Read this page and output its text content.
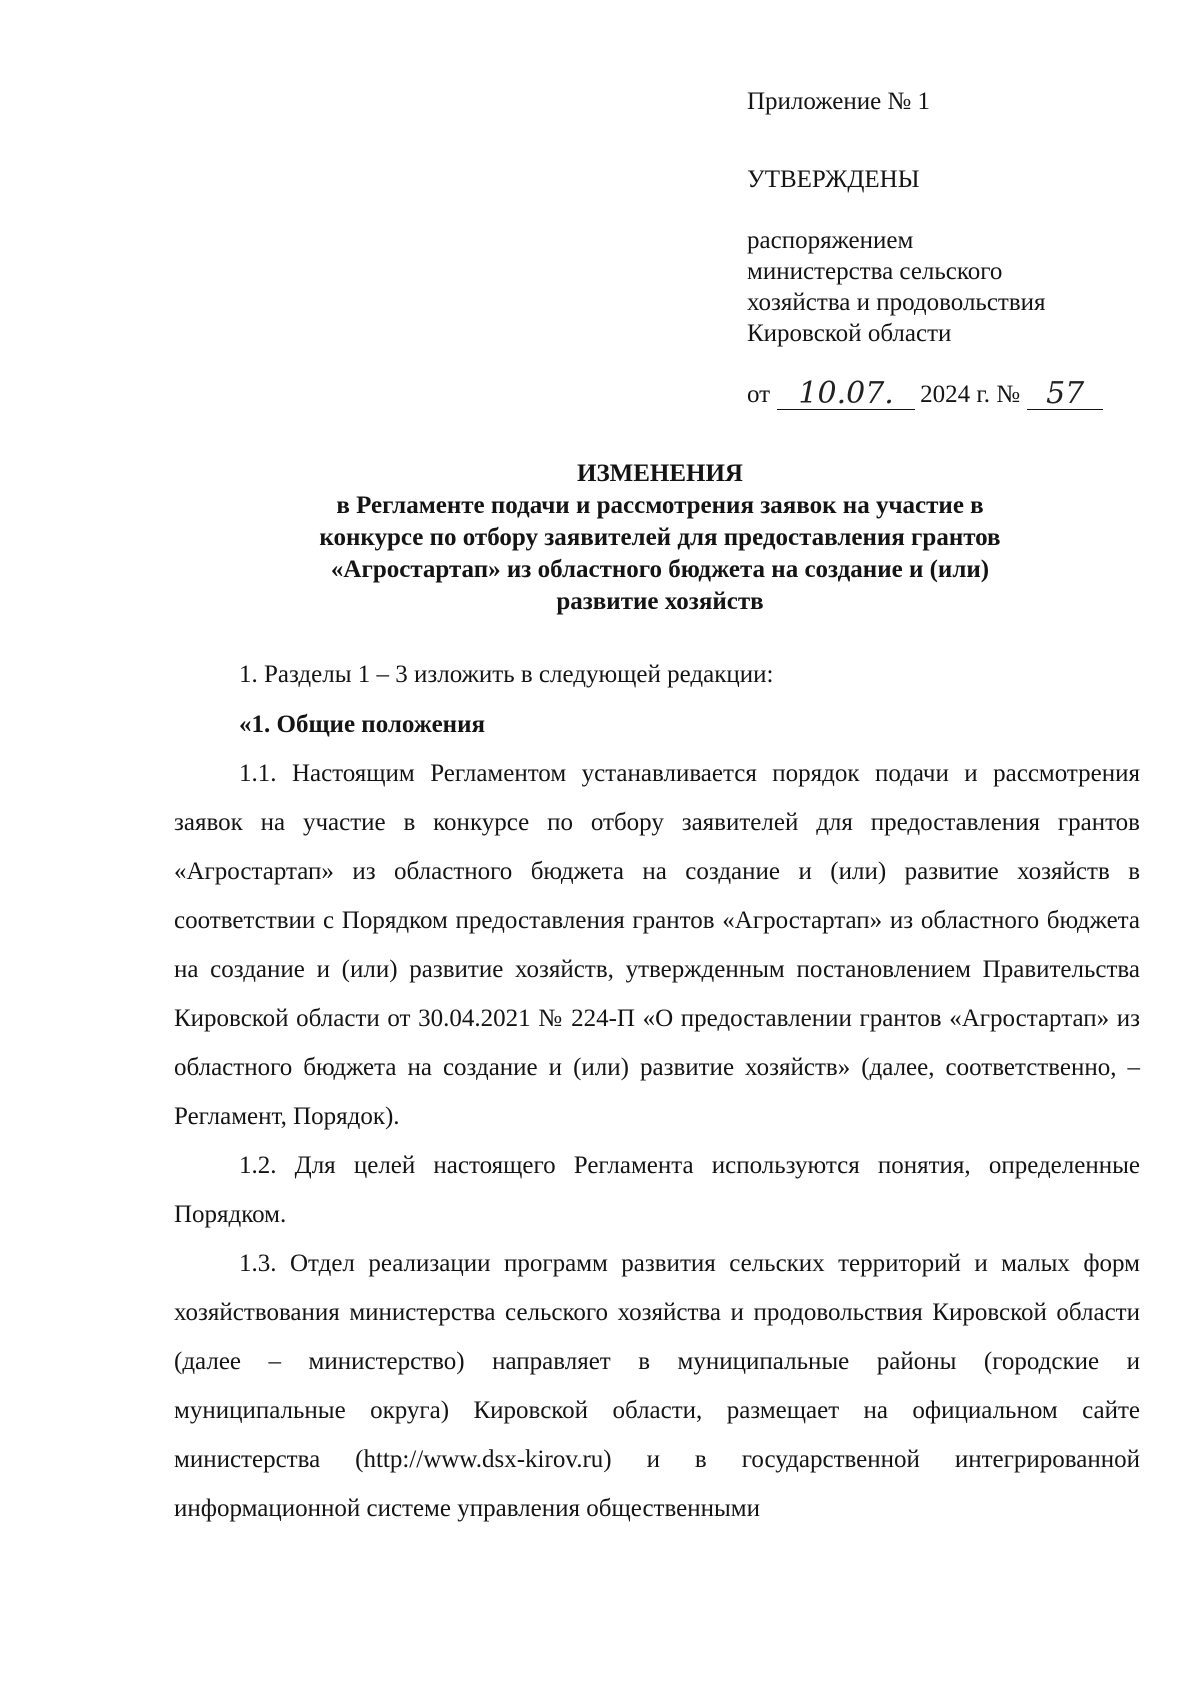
Приложение № 1
УТВЕРЖДЕНЫ
распоряжением
министерства сельского
хозяйства и продовольствия
Кировской области
от 10.07.	2024 г. № 57
ИЗМЕНЕНИЯ
в Регламенте подачи и рассмотрения заявок на участие в
конкурсе по отбору заявителей для предоставления грантов
«Агростартап» из областного бюджета на создание и (или)
развитие хозяйств

1. Разделы 1 – 3 изложить в следующей редакции:

«1. Общие положения

1.1. Настоящим Регламентом устанавливается порядок подачи и рассмотрения заявок на участие в конкурсе по отбору заявителей для предоставления грантов «Агростартап» из областного бюджета на создание и (или) развитие хозяйств в соответствии с Порядком предоставления грантов «Агростартап» из областного бюджета на создание и (или) развитие хозяйств, утвержденным постановлением Правительства Кировской области от 30.04.2021 № 224-П «О предоставлении грантов «Агростартап» из областного бюджета на создание и (или) развитие хозяйств» (далее, соответственно, – Регламент, Порядок).

1.2. Для целей настоящего Регламента используются понятия, определенные Порядком.

1.3. Отдел реализации программ развития сельских территорий и малых форм хозяйствования министерства сельского хозяйства и продовольствия Кировской области (далее – министерство) направляет в муниципальные районы (городские и муниципальные округа) Кировской области, размещает на официальном сайте министерства (http://www.dsx-kirov.ru) и в государственной интегрированной информационной системе управления общественными
